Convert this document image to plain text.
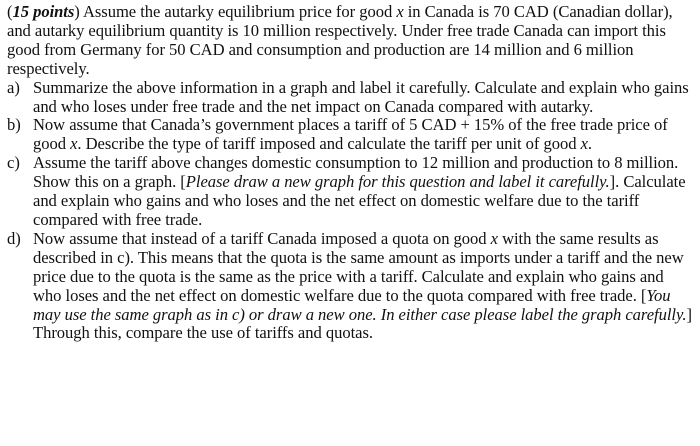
(15 points) Assume the autarky equilibrium price for good x in Canada is 70 CAD (Canadian dollar), and autarky equilibrium quantity is 10 million respectively. Under free trade Canada can import this good from Germany for 50 CAD and consumption and production are 14 million and 6 million respectively.

a) Summarize the above information in a graph and label it carefully. Calculate and explain who gains and who loses under free trade and the net impact on Canada compared with autarky.
b) Now assume that Canada’s government places a tariff of 5 CAD + 15% of the free trade price of good x. Describe the type of tariff imposed and calculate the tariff per unit of good x.
c) Assume the tariff above changes domestic consumption to 12 million and production to 8 million. Show this on a graph. [Please draw a new graph for this question and label it carefully.]. Calculate and explain who gains and who loses and the net effect on domestic welfare due to the tariff compared with free trade.
d) Now assume that instead of a tariff Canada imposed a quota on good x with the same results as described in c). This means that the quota is the same amount as imports under a tariff and the new price due to the quota is the same as the price with a tariff. Calculate and explain who gains and who loses and the net effect on domestic welfare due to the quota compared with free trade. [You may use the same graph as in c) or draw a new one. In either case please label the graph carefully.] Through this, compare the use of tariffs and quotas.
